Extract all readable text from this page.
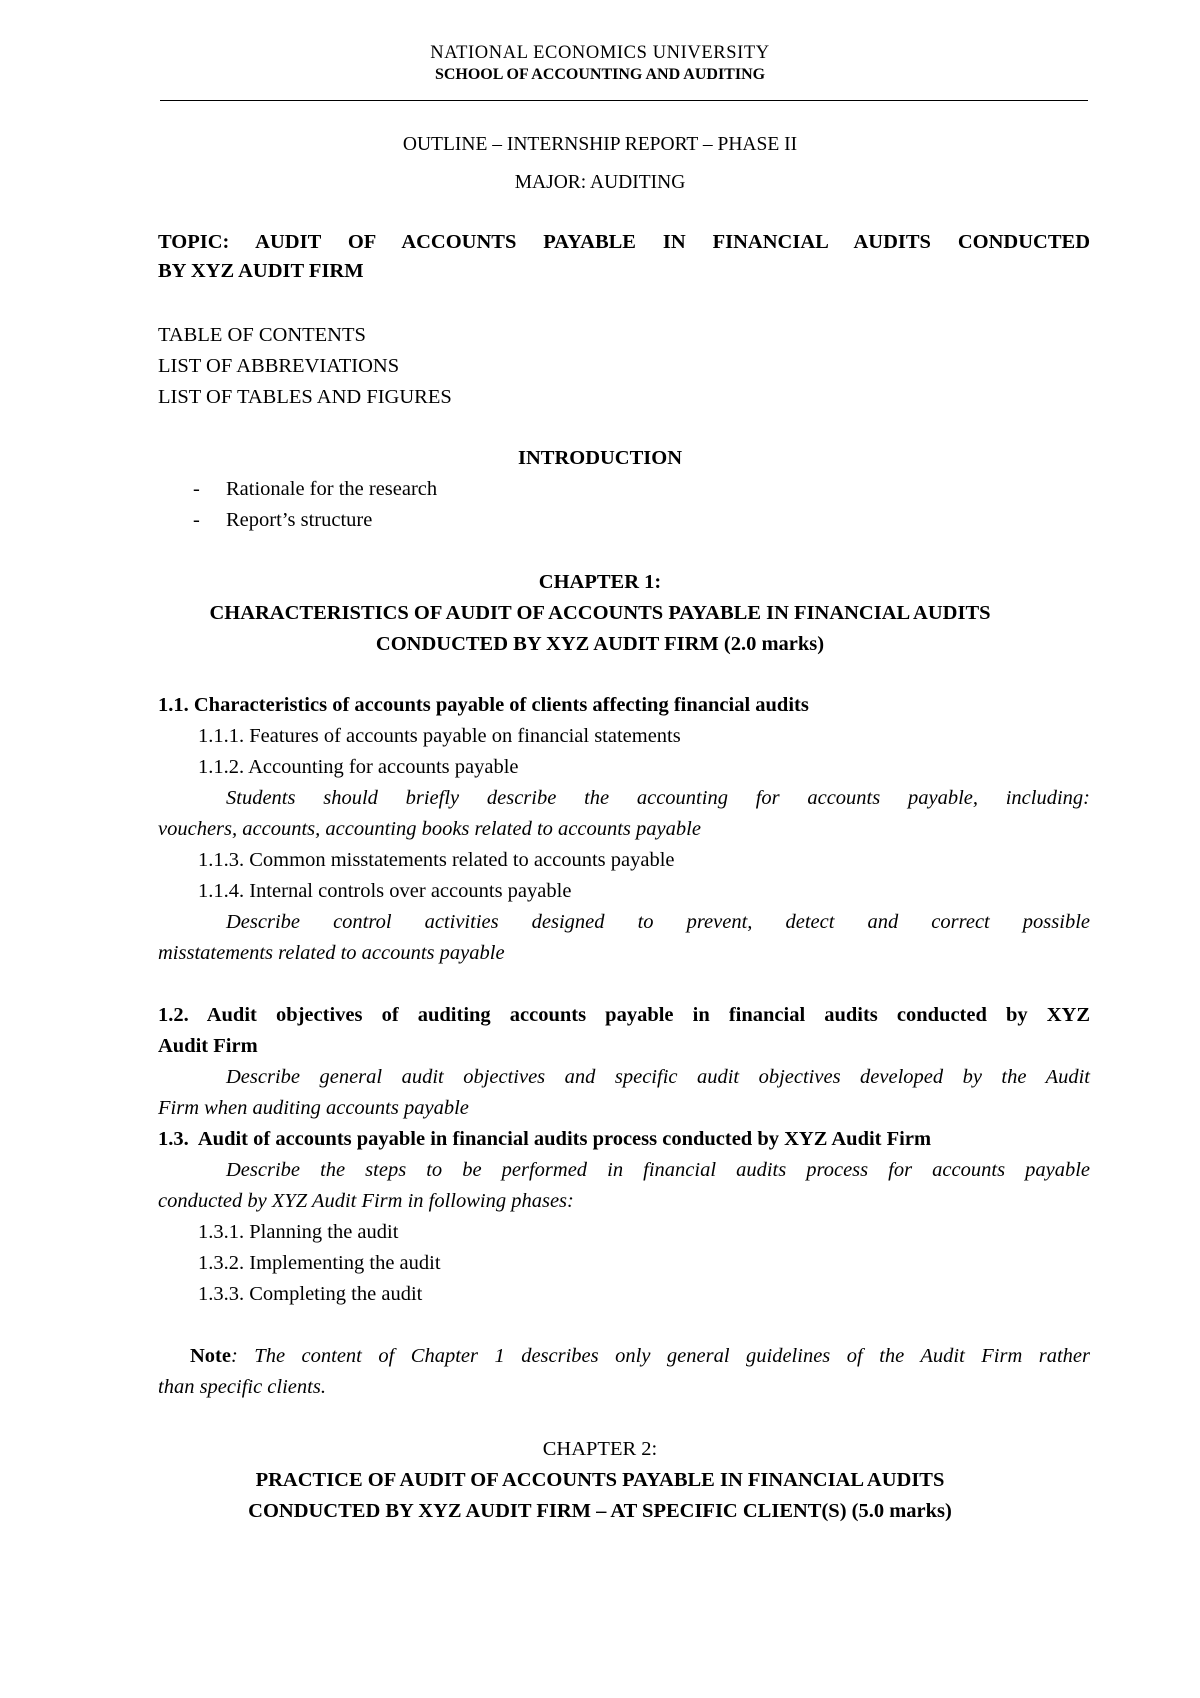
NATIONAL ECONOMICS UNIVERSITY
SCHOOL OF ACCOUNTING AND AUDITING
OUTLINE – INTERNSHIP REPORT – PHASE II
MAJOR: AUDITING
TOPIC: AUDIT OF ACCOUNTS PAYABLE IN FINANCIAL AUDITS CONDUCTED
BY XYZ AUDIT FIRM
TABLE OF CONTENTS
LIST OF ABBREVIATIONS
LIST OF TABLES AND FIGURES
INTRODUCTION
- Rationale for the research
- Report’s structure
CHAPTER 1:
CHARACTERISTICS OF AUDIT OF ACCOUNTS PAYABLE IN FINANCIAL AUDITS
CONDUCTED BY XYZ AUDIT FIRM (2.0 marks)
1.1. Characteristics of accounts payable of clients affecting financial audits
1.1.1. Features of accounts payable on financial statements
1.1.2. Accounting for accounts payable
Students should briefly describe the accounting for accounts payable, including:
vouchers, accounts, accounting books related to accounts payable
1.1.3. Common misstatements related to accounts payable
1.1.4. Internal controls over accounts payable
Describe control activities designed to prevent, detect and correct possible
misstatements related to accounts payable
1.2. Audit objectives of auditing accounts payable in financial audits conducted by XYZ
Audit Firm
Describe general audit objectives and specific audit objectives developed by the Audit
Firm when auditing accounts payable
1.3.  Audit of accounts payable in financial audits process conducted by XYZ Audit Firm
Describe the steps to be performed in financial audits process for accounts payable
conducted by XYZ Audit Firm in following phases:
1.3.1. Planning the audit
1.3.2. Implementing the audit
1.3.3. Completing the audit
Note: The content of Chapter 1 describes only general guidelines of the Audit Firm rather
than specific clients.
CHAPTER 2:
PRACTICE OF AUDIT OF ACCOUNTS PAYABLE IN FINANCIAL AUDITS
CONDUCTED BY XYZ AUDIT FIRM – AT SPECIFIC CLIENT(S) (5.0 marks)
